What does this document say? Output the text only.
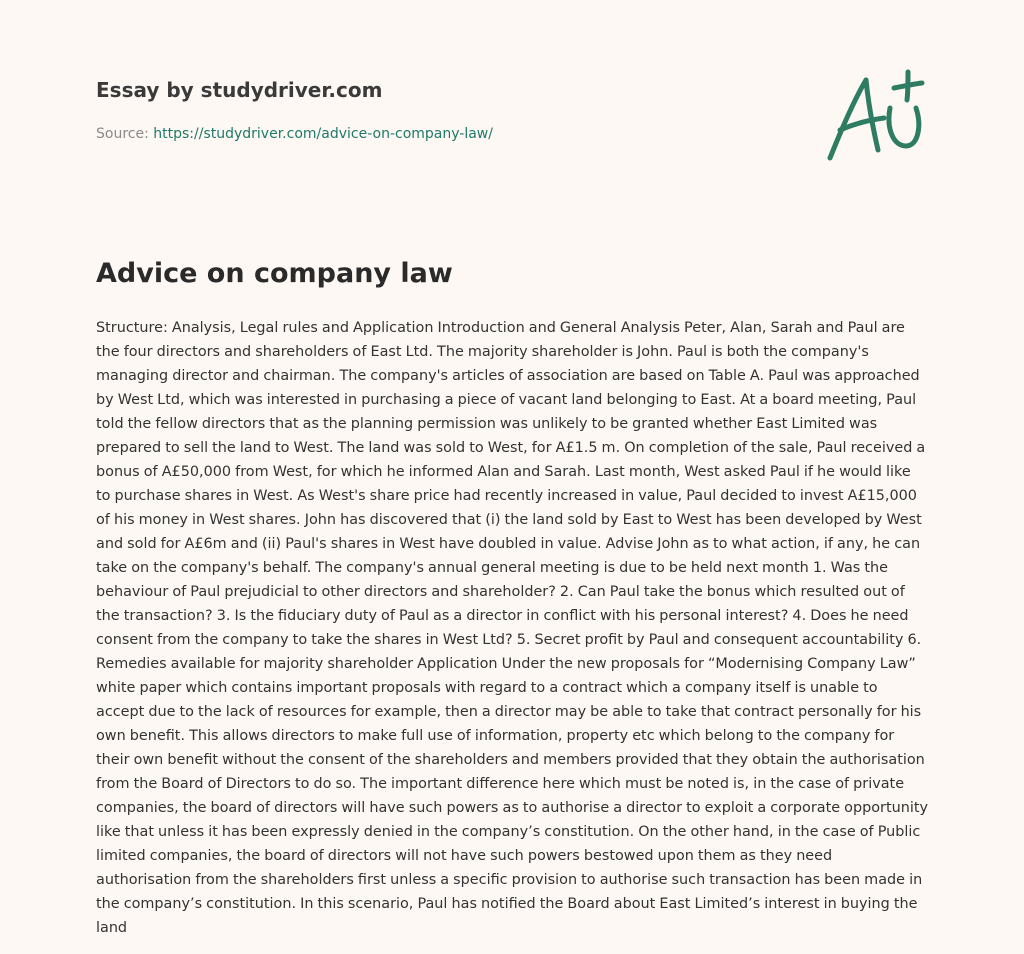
Essay by studydriver.com
Source: https://studydriver.com/advice-on-company-law/
Advice on company law

Structure: Analysis, Legal rules and Application Introduction and General Analysis Peter, Alan, Sarah and Paul are the four directors and shareholders of East Ltd. The majority shareholder is John. Paul is both the company's managing director and chairman. The company's articles of association are based on Table A. Paul was approached by West Ltd, which was interested in purchasing a piece of vacant land belonging to East. At a board meeting, Paul told the fellow directors that as the planning permission was unlikely to be granted whether East Limited was prepared to sell the land to West. The land was sold to West, for A£1.5 m. On completion of the sale, Paul received a bonus of A£50,000 from West, for which he informed Alan and Sarah. Last month, West asked Paul if he would like to purchase shares in West. As West's share price had recently increased in value, Paul decided to invest A£15,000 of his money in West shares. John has discovered that (i) the land sold by East to West has been developed by West and sold for A£6m and (ii) Paul's shares in West have doubled in value. Advise John as to what action, if any, he can take on the company's behalf. The company's annual general meeting is due to be held next month 1. Was the behaviour of Paul prejudicial to other directors and shareholder? 2. Can Paul take the bonus which resulted out of the transaction? 3. Is the fiduciary duty of Paul as a director in conflict with his personal interest? 4. Does he need consent from the company to take the shares in West Ltd? 5. Secret profit by Paul and consequent accountability 6. Remedies available for majority shareholder Application Under the new proposals for “Modernising Company Law” white paper which contains important proposals with regard to a contract which a company itself is unable to accept due to the lack of resources for example, then a director may be able to take that contract personally for his own benefit. This allows directors to make full use of information, property etc which belong to the company for their own benefit without the consent of the shareholders and members provided that they obtain the authorisation from the Board of Directors to do so. The important difference here which must be noted is, in the case of private companies, the board of directors will have such powers as to authorise a director to exploit a corporate opportunity like that unless it has been expressly denied in the company’s constitution. On the other hand, in the case of Public limited companies, the board of directors will not have such powers bestowed upon them as they need authorisation from the shareholders first unless a specific provision to authorise such transaction has been made in the company’s constitution. In this scenario, Paul has notified the Board about East Limited’s interest in buying the land
